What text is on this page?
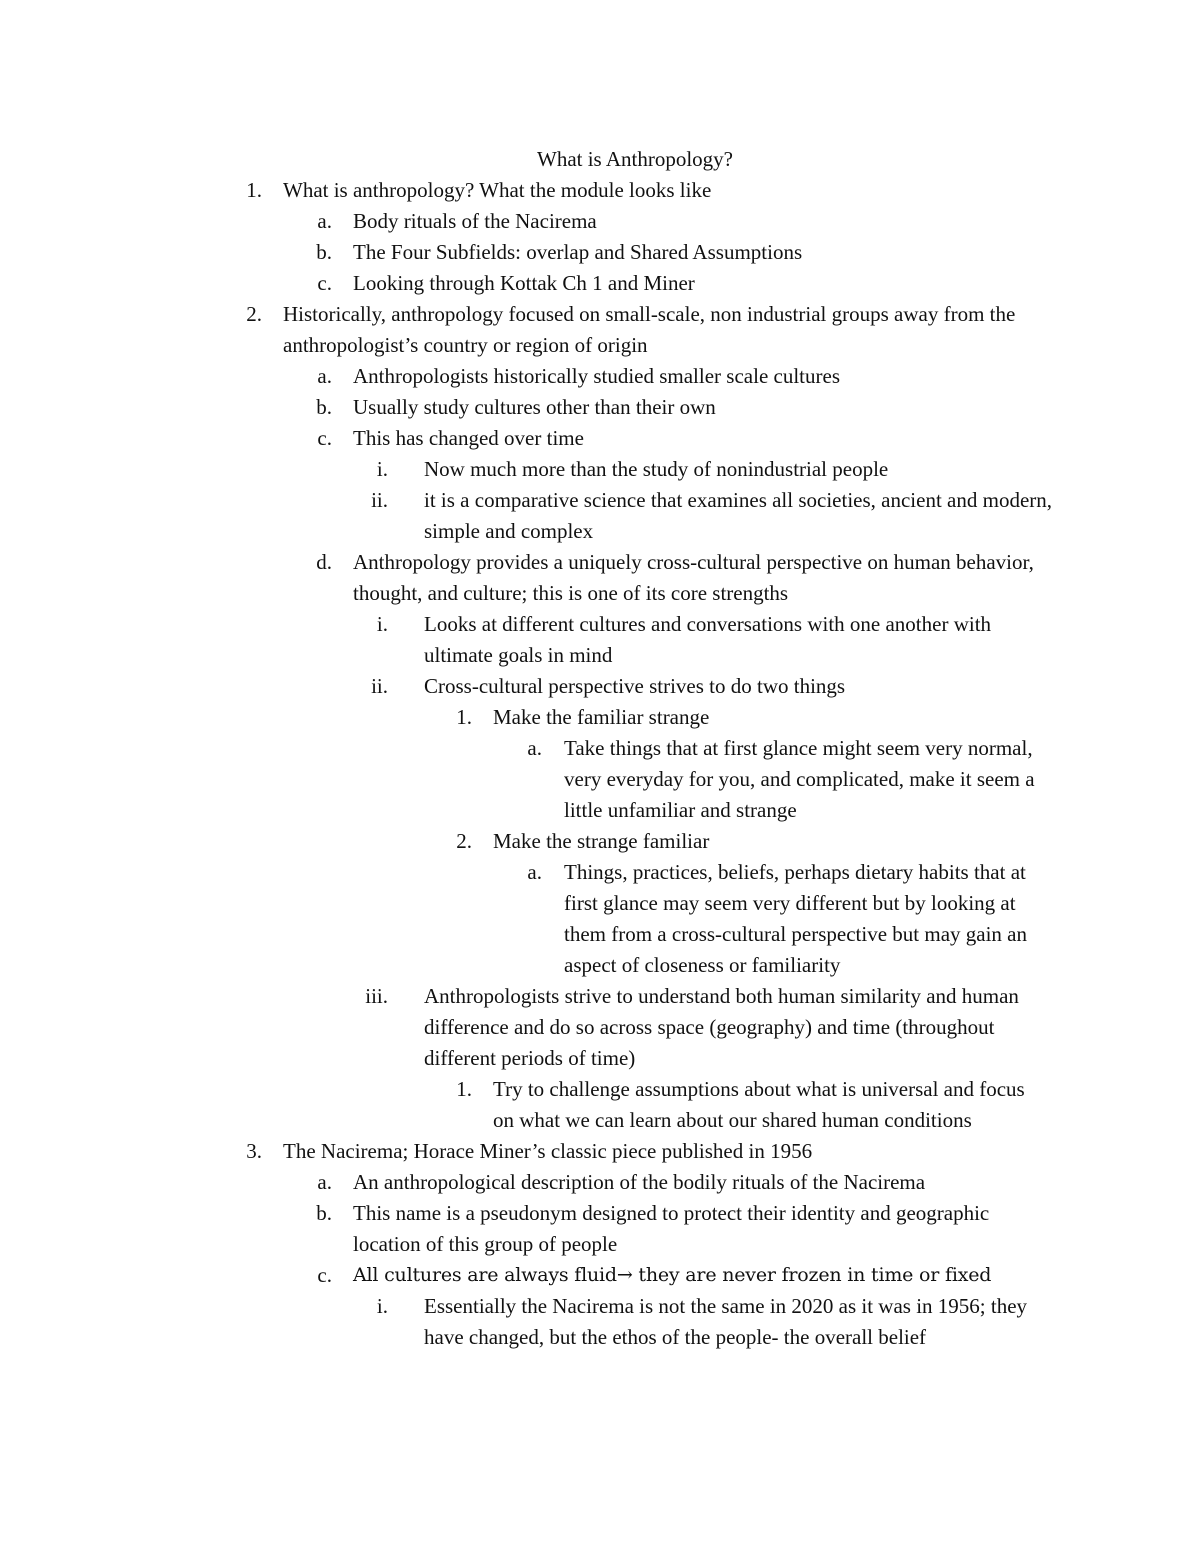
What is Anthropology?
1. What is anthropology? What the module looks like
a. Body rituals of the Nacirema
b. The Four Subfields: overlap and Shared Assumptions
c. Looking through Kottak Ch 1 and Miner
2. Historically, anthropology focused on small-scale, non industrial groups away from the anthropologist’s country or region of origin
a. Anthropologists historically studied smaller scale cultures
b. Usually study cultures other than their own
c. This has changed over time
i. Now much more than the study of nonindustrial people
ii. it is a comparative science that examines all societies, ancient and modern, simple and complex
d. Anthropology provides a uniquely cross-cultural perspective on human behavior, thought, and culture; this is one of its core strengths
i. Looks at different cultures and conversations with one another with ultimate goals in mind
ii. Cross-cultural perspective strives to do two things
1. Make the familiar strange
a. Take things that at first glance might seem very normal, very everyday for you, and complicated, make it seem a little unfamiliar and strange
2. Make the strange familiar
a. Things, practices, beliefs, perhaps dietary habits that at first glance may seem very different but by looking at them from a cross-cultural perspective but may gain an aspect of closeness or familiarity
iii. Anthropologists strive to understand both human similarity and human difference and do so across space (geography) and time (throughout different periods of time)
1. Try to challenge assumptions about what is universal and focus on what we can learn about our shared human conditions
3. The Nacirema; Horace Miner’s classic piece published in 1956
a. An anthropological description of the bodily rituals of the Nacirema
b. This name is a pseudonym designed to protect their identity and geographic location of this group of people
c. All cultures are always fluid→ they are never frozen in time or fixed
i. Essentially the Nacirema is not the same in 2020 as it was in 1956; they have changed, but the ethos of the people- the overall belief
